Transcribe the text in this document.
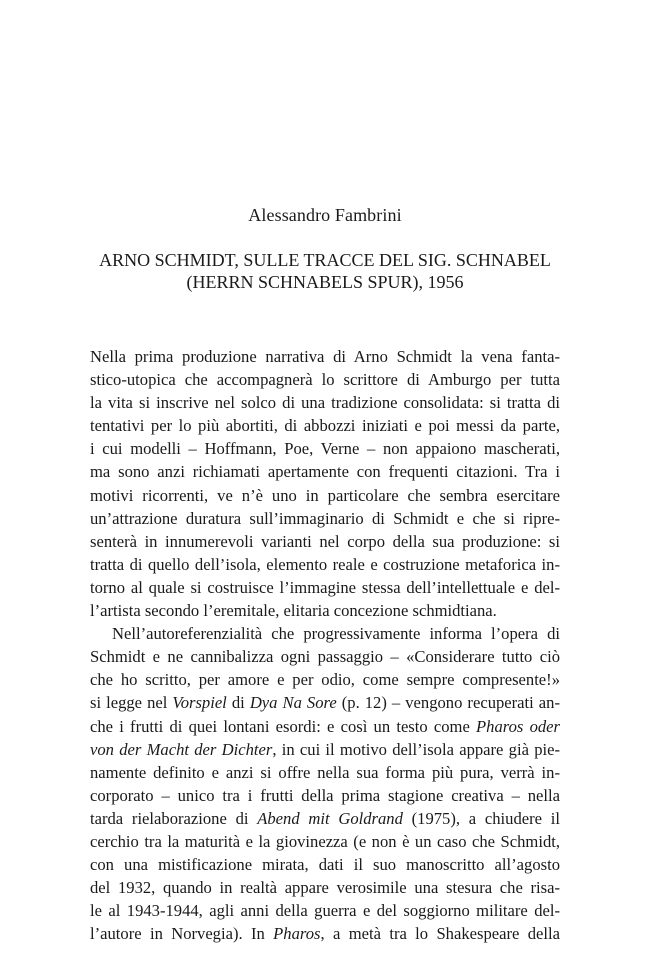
Alessandro Fambrini
ARNO SCHMIDT, SULLE TRACCE DEL SIG. SCHNABEL
(HERRN SCHNABELS SPUR), 1956
Nella prima produzione narrativa di Arno Schmidt la vena fanta-
stico-utopica che accompagnerà lo scrittore di Amburgo per tutta
la vita si inscrive nel solco di una tradizione consolidata: si tratta di
tentativi per lo più abortiti, di abbozzi iniziati e poi messi da parte,
i cui modelli – Hoffmann, Poe, Verne – non appaiono mascherati,
ma sono anzi richiamati apertamente con frequenti citazioni. Tra i
motivi ricorrenti, ve n’è uno in particolare che sembra esercitare
un’attrazione duratura sull’immaginario di Schmidt e che si ripre-
senterà in innumerevoli varianti nel corpo della sua produzione: si
tratta di quello dell’isola, elemento reale e costruzione metaforica in-
torno al quale si costruisce l’immagine stessa dell’intellettuale e del-
l’artista secondo l’eremitale, elitaria concezione schmidtiana.
Nell’autoreferenzialità che progressivamente informa l’opera di
Schmidt e ne cannibalizza ogni passaggio – «Considerare tutto ciò
che ho scritto, per amore e per odio, come sempre compresente!»
si legge nel Vorspiel di Dya Na Sore (p. 12) – vengono recuperati an-
che i frutti di quei lontani esordi: e così un testo come Pharos oder
von der Macht der Dichter, in cui il motivo dell’isola appare già pie-
namente definito e anzi si offre nella sua forma più pura, verrà in-
corporato – unico tra i frutti della prima stagione creativa – nella
tarda rielaborazione di Abend mit Goldrand (1975), a chiudere il
cerchio tra la maturità e la giovinezza (e non è un caso che Schmidt,
con una mistificazione mirata, dati il suo manoscritto all’agosto
del 1932, quando in realtà appare verosimile una stesura che risa-
le al 1943-1944, agli anni della guerra e del soggiorno militare del-
l’autore in Norvegia). In Pharos, a metà tra lo Shakespeare della
